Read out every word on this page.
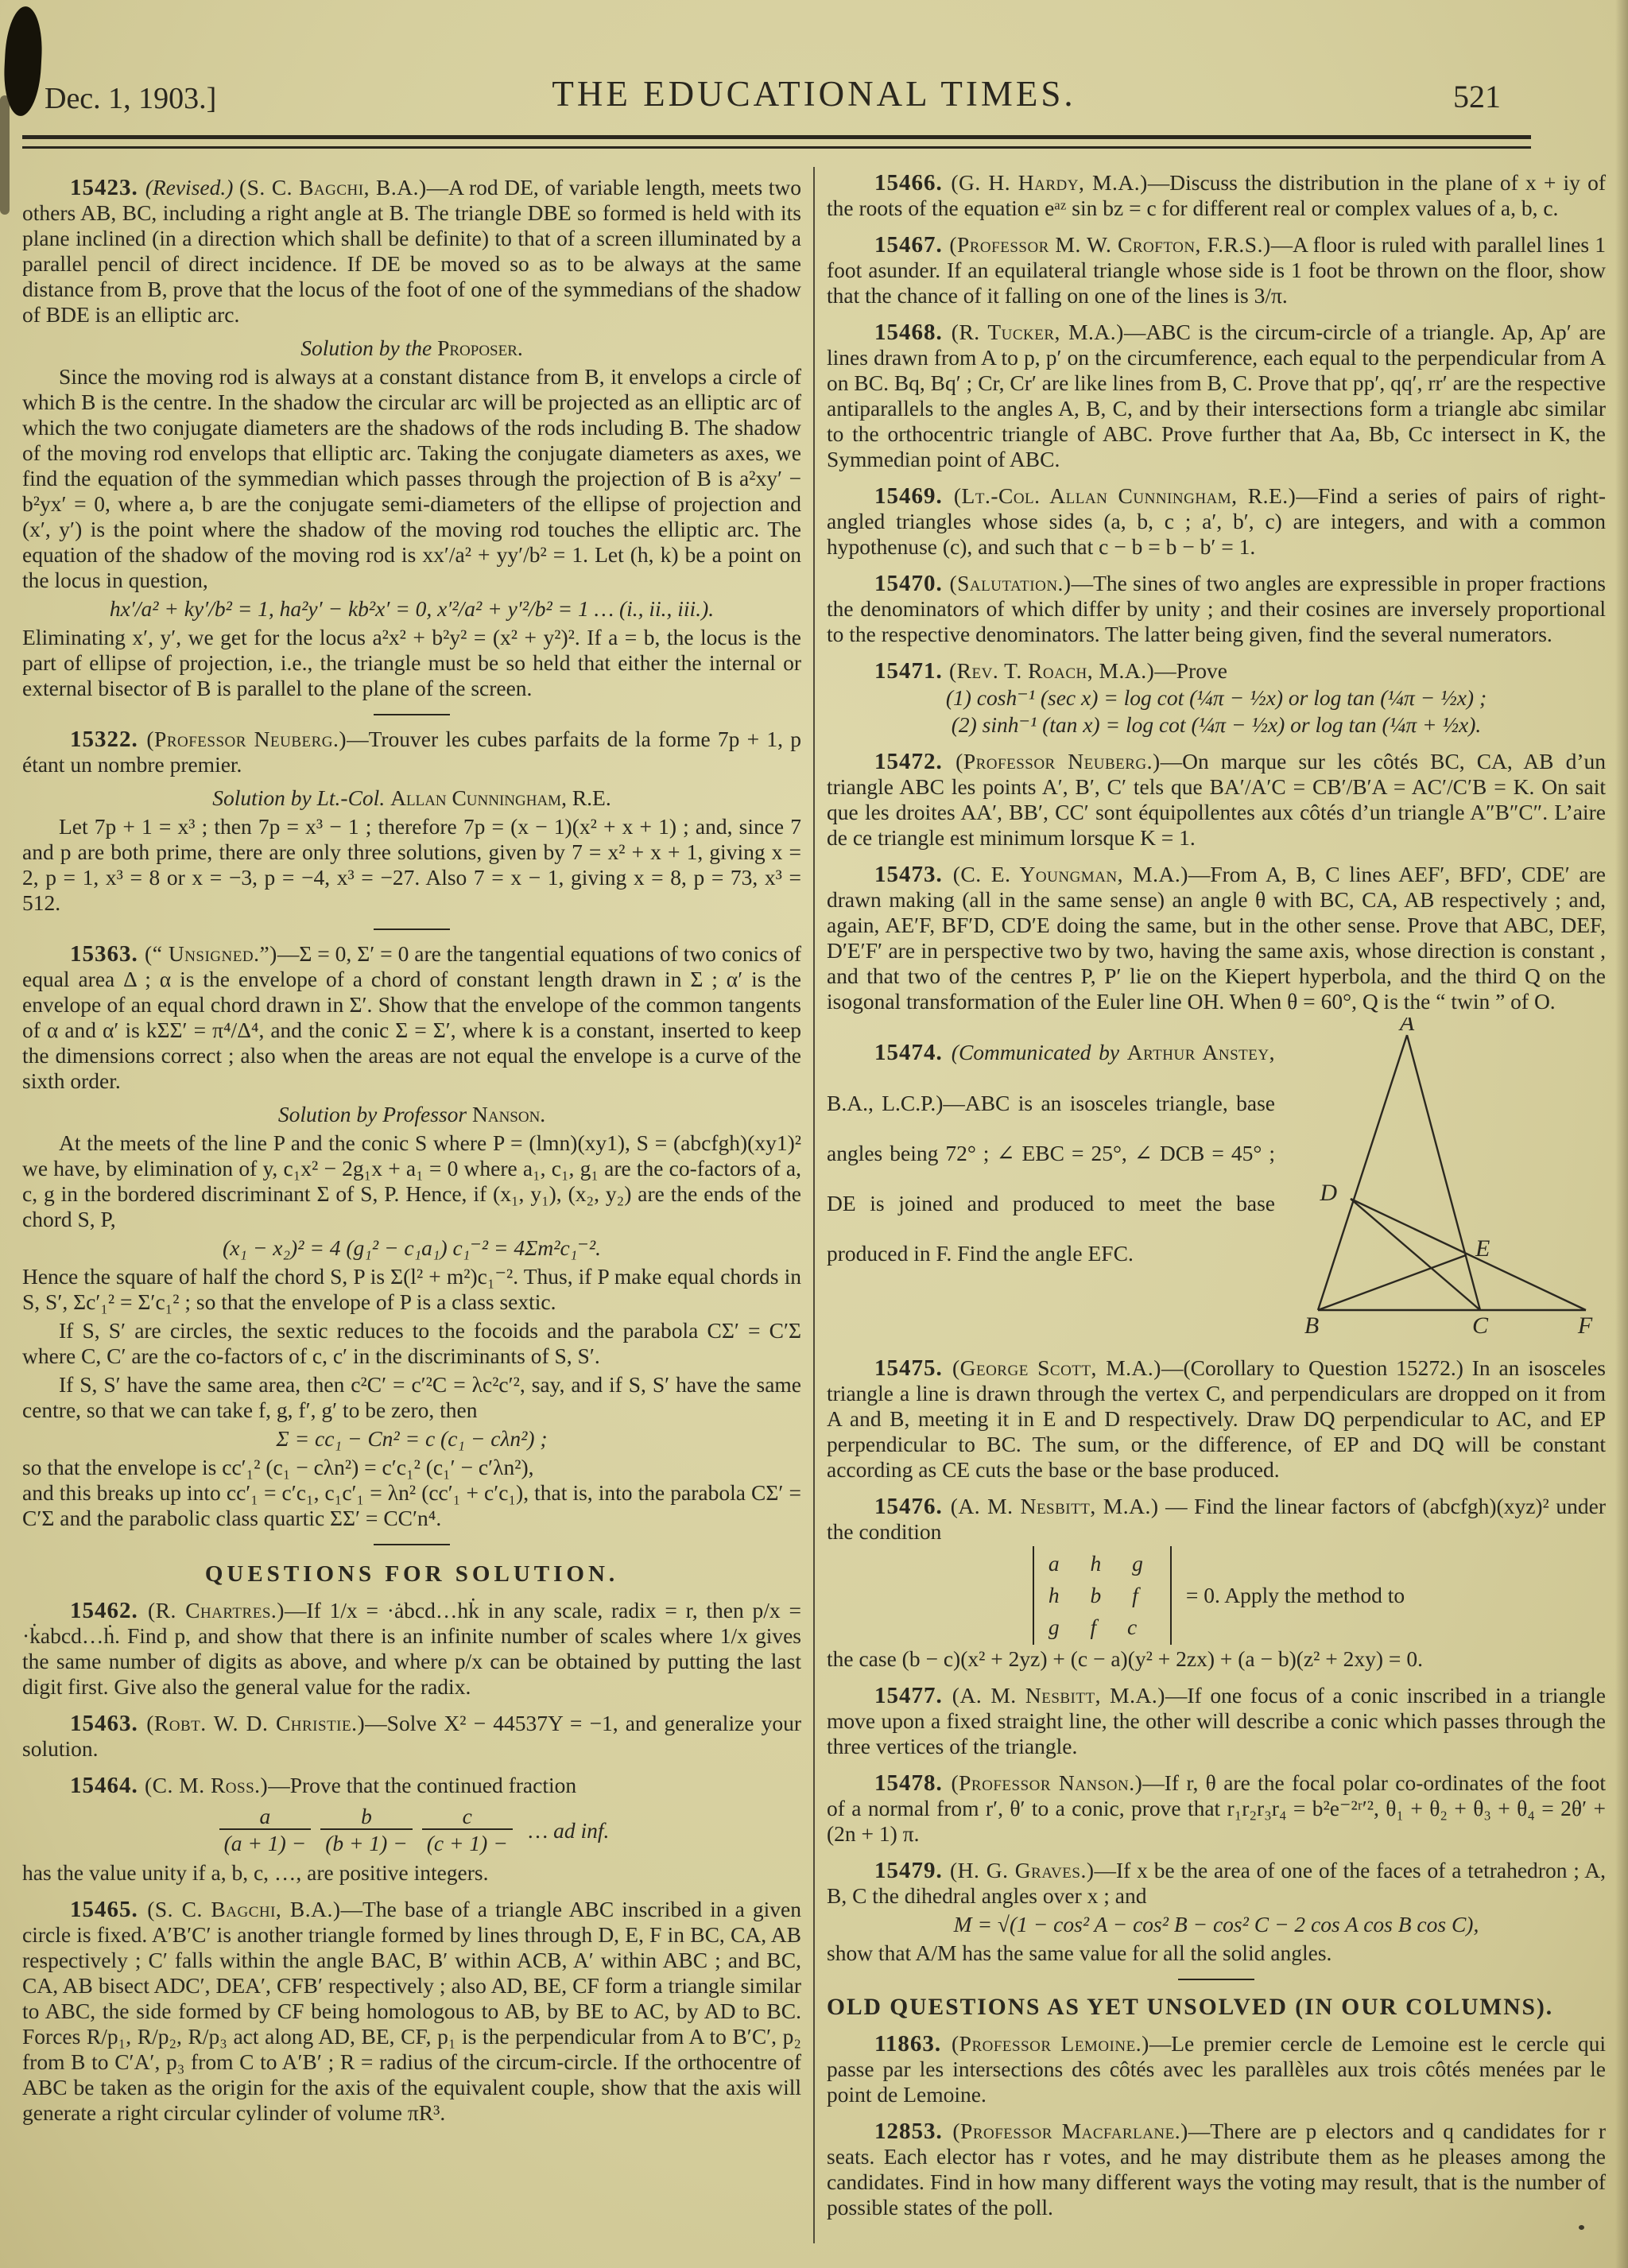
Dec. 1, 1903.]	THE EDUCATIONAL TIMES.	521

15423. (Revised.) (S. C. Bagchi, B.A.)—A rod DE, of variable length, meets two others AB, BC, including a right angle at B. The triangle DBE so formed is held with its plane inclined (in a direction which shall be definite) to that of a screen illuminated by a parallel pencil of direct incidence. If DE be moved so as to be always at the same distance from B, prove that the locus of the foot of one of the symmedians of the shadow of BDE is an elliptic arc.

Solution by the Proposer.

Since the moving rod is always at a constant distance from B, it envelops a circle of which B is the centre. In the shadow the circular arc will be projected as an elliptic arc of which the two conjugate diameters are the shadows of the rods including B. The shadow of the moving rod envelops that elliptic arc. Taking the conjugate diameters as axes, we find the equation of the symmedian which passes through the projection of B is a²xy′ − b²yx′ = 0, where a, b are the conjugate semi-diameters of the ellipse of projection and (x′, y′) is the point where the shadow of the moving rod touches the elliptic arc. The equation of the shadow of the moving rod is xx′/a² + yy′/b² = 1. Let (h, k) be a point on the locus in question,

hx′/a² + ky′/b² = 1, ha²y′ − kb²x′ = 0, x′²/a² + y′²/b² = 1 … (i., ii., iii.).

Eliminating x′, y′, we get for the locus a²x² + b²y² = (x² + y²)². If a = b, the locus is the part of ellipse of projection, i.e., the triangle must be so held that either the internal or external bisector of B is parallel to the plane of the screen.

15322. (Professor Neuberg.)—Trouver les cubes parfaits de la forme 7p + 1, p étant un nombre premier.

Solution by Lt.-Col. Allan Cunningham, R.E.

Let 7p + 1 = x³ ; then 7p = x³ − 1 ; therefore 7p = (x − 1)(x² + x + 1) ; and, since 7 and p are both prime, there are only three solutions, given by 7 = x² + x + 1, giving x = 2, p = 1, x³ = 8 or x = −3, p = −4, x³ = −27. Also 7 = x − 1, giving x = 8, p = 73, x³ = 512.

15363. (“ Unsigned.”)—Σ = 0, Σ′ = 0 are the tangential equations of two conics of equal area Δ ; α is the envelope of a chord of constant length drawn in Σ ; α′ is the envelope of an equal chord drawn in Σ′. Show that the envelope of the common tangents of α and α′ is kΣΣ′ = π⁴/Δ⁴, and the conic Σ = Σ′, where k is a constant, inserted to keep the dimensions correct ; also when the areas are not equal the envelope is a curve of the sixth order.

Solution by Professor Nanson.

At the meets of the line P and the conic S where P = (lmn)(xy1), S = (abcfgh)(xy1)² we have, by elimination of y, c₁x² − 2g₁x + a₁ = 0 where a₁, c₁, g₁ are the co-factors of a, c, g in the bordered discriminant Σ of S, P. Hence, if (x₁, y₁), (x₂, y₂) are the ends of the chord S, P,

(x₁ − x₂)² = 4 (g₁² − c₁a₁) c₁⁻² = 4Σm²c₁⁻².

Hence the square of half the chord S, P is Σ(l² + m²)c₁⁻². Thus, if P make equal chords in S, S′, Σc′₁² = Σ′c₁² ; so that the envelope of P is a class sextic.

If S, S′ are circles, the sextic reduces to the focoids and the parabola CΣ′ = C′Σ where C, C′ are the co-factors of c, c′ in the discriminants of S, S′.

If S, S′ have the same area, then c²C′ = c′²C = λc²c′², say, and if S, S′ have the same centre, so that we can take f, g, f′, g′ to be zero, then

Σ = cc₁ − Cn² = c (c₁ − cλn²) ;

so that the envelope is cc′₁² (c₁ − cλn²) = c′c₁² (c₁′ − c′λn²),

and this breaks up into cc′₁ = c′c₁, c₁c′₁ = λn² (cc′₁ + c′c₁), that is, into the parabola CΣ′ = C′Σ and the parabolic class quartic ΣΣ′ = CC′n⁴.

QUESTIONS FOR SOLUTION.

15462. (R. Chartres.)—If 1/x = ·ȧbcd…hk̇ in any scale, radix = r, then p/x = ·k̇abcd…ḣ. Find p, and show that there is an infinite number of scales where 1/x gives the same number of digits as above, and where p/x can be obtained by putting the last digit first. Give also the general value for the radix.

15463. (Robt. W. D. Christie.)—Solve X² − 44537Y = −1, and generalize your solution.

15464. (C. M. Ross.)—Prove that the continued fraction

$\frac{a}{(a + 1) -} \frac{b}{(b + 1) -} \frac{c}{(c + 1) -}$ … ad inf.

has the value unity if a, b, c, …, are positive integers.

15465. (S. C. Bagchi, B.A.)—The base of a triangle ABC inscribed in a given circle is fixed. A′B′C′ is another triangle formed by lines through D, E, F in BC, CA, AB respectively ; C′ falls within the angle BAC, B′ within ACB, A′ within ABC ; and BC, CA, AB bisect ADC′, DEA′, CFB′ respectively ; also AD, BE, CF form a triangle similar to ABC, the side formed by CF being homologous to AB, by BE to AC, by AD to BC. Forces R/p₁, R/p₂, R/p₃ act along AD, BE, CF, p₁ is the perpendicular from A to B′C′, p₂ from B to C′A′, p₃ from C to A′B′ ; R = radius of the circum-circle. If the orthocentre of ABC be taken as the origin for the axis of the equivalent couple, show that the axis will generate a right circular cylinder of volume πR³.

15466. (G. H. Hardy, M.A.)—Discuss the distribution in the plane of x + iy of the roots of the equation eᵃᶻ sin bz = c for different real or complex values of a, b, c.

15467. (Professor M. W. Crofton, F.R.S.)—A floor is ruled with parallel lines 1 foot asunder. If an equilateral triangle whose side is 1 foot be thrown on the floor, show that the chance of it falling on one of the lines is 3/π.

15468. (R. Tucker, M.A.)—ABC is the circum-circle of a triangle. Ap, Ap′ are lines drawn from A to p, p′ on the circumference, each equal to the perpendicular from A on BC. Bq, Bq′ ; Cr, Cr′ are like lines from B, C. Prove that pp′, qq′, rr′ are the respective antiparallels to the angles A, B, C, and by their intersections form a triangle abc similar to the orthocentric triangle of ABC. Prove further that Aa, Bb, Cc intersect in K, the Symmedian point of ABC.

15469. (Lt.-Col. Allan Cunningham, R.E.)—Find a series of pairs of right-angled triangles whose sides (a, b, c ; a′, b′, c) are integers, and with a common hypothenuse (c), and such that c − b = b − b′ = 1.

15470. (Salutation.)—The sines of two angles are expressible in proper fractions the denominators of which differ by unity ; and their cosines are inversely proportional to the respective denominators. The latter being given, find the several numerators.

15471. (Rev. T. Roach, M.A.)—Prove

(1) cosh⁻¹ (sec x) = log cot (¼π − ½x) or log tan (¼π − ½x) ;
(2) sinh⁻¹ (tan x) = log cot (¼π − ½x) or log tan (¼π + ½x).

15472. (Professor Neuberg.)—On marque sur les côtés BC, CA, AB d’un triangle ABC les points A′, B′, C′ tels que BA′/A′C = CB′/B′A = AC′/C′B = K. On sait que les droites AA′, BB′, CC′ sont équipollentes aux côtés d’un triangle A″B″C″. L’aire de ce triangle est minimum lorsque K = 1.

15473. (C. E. Youngman, M.A.)—From A, B, C lines AEF′, BFD′, CDE′ are drawn making (all in the same sense) an angle θ with BC, CA, AB respectively ; and, again, AE′F, BF′D, CD′E doing the same, but in the other sense. Prove that ABC, DEF, D′E′F′ are in perspective two by two, having the same axis, whose direction is constant , and that two of the centres P, P′ lie on the Kiepert hyperbola, and the third Q on the isogonal transformation of the Euler line OH. When θ = 60°, Q is the “ twin ” of O.

A
B	C	F
D
E

15474. (Communicated by Arthur Anstey, B.A., L.C.P.)—ABC is an isosceles triangle, base angles being 72° ; ∠ EBC = 25°, ∠ DCB = 45° ; DE is joined and produced to meet the base produced in F. Find the angle EFC.

15475. (George Scott, M.A.)—(Corollary to Question 15272.) In an isosceles triangle a line is drawn through the vertex C, and perpendiculars are dropped on it from A and B, meeting it in E and D respectively. Draw DQ perpendicular to AC, and EP perpendicular to BC. The sum, or the difference, of EP and DQ will be constant according as CE cuts the base or the base produced.

15476. (A. M. Nesbitt, M.A.) — Find the linear factors of (abcfgh)(xyz)² under the condition

a h g
h b f
g f c
= 0. Apply the method to

the case (b − c)(x² + 2yz) + (c − a)(y² + 2zx) + (a − b)(z² + 2xy) = 0.

15477. (A. M. Nesbitt, M.A.)—If one focus of a conic inscribed in a triangle move upon a fixed straight line, the other will describe a conic which passes through the three vertices of the triangle.

15478. (Professor Nanson.)—If r, θ are the focal polar co-ordinates of the foot of a normal from r′, θ′ to a conic, prove that r₁r₂r₃r₄ = b²e⁻²ʳ′², θ₁ + θ₂ + θ₃ + θ₄ = 2θ′ + (2n + 1) π.

15479. (H. G. Graves.)—If x be the area of one of the faces of a tetrahedron ; A, B, C the dihedral angles over x ; and

M = √(1 − cos² A − cos² B − cos² C − 2 cos A cos B cos C),

show that A/M has the same value for all the solid angles.

OLD QUESTIONS AS YET UNSOLVED (IN OUR COLUMNS).

11863. (Professor Lemoine.)—Le premier cercle de Lemoine est le cercle qui passe par les intersections des côtés avec les parallèles aux trois côtés menées par le point de Lemoine.

12853. (Professor Macfarlane.)—There are p electors and q candidates for r seats. Each elector has r votes, and he may distribute them as he pleases among the candidates. Find in how many different ways the voting may result, that is the number of possible states of the poll.
